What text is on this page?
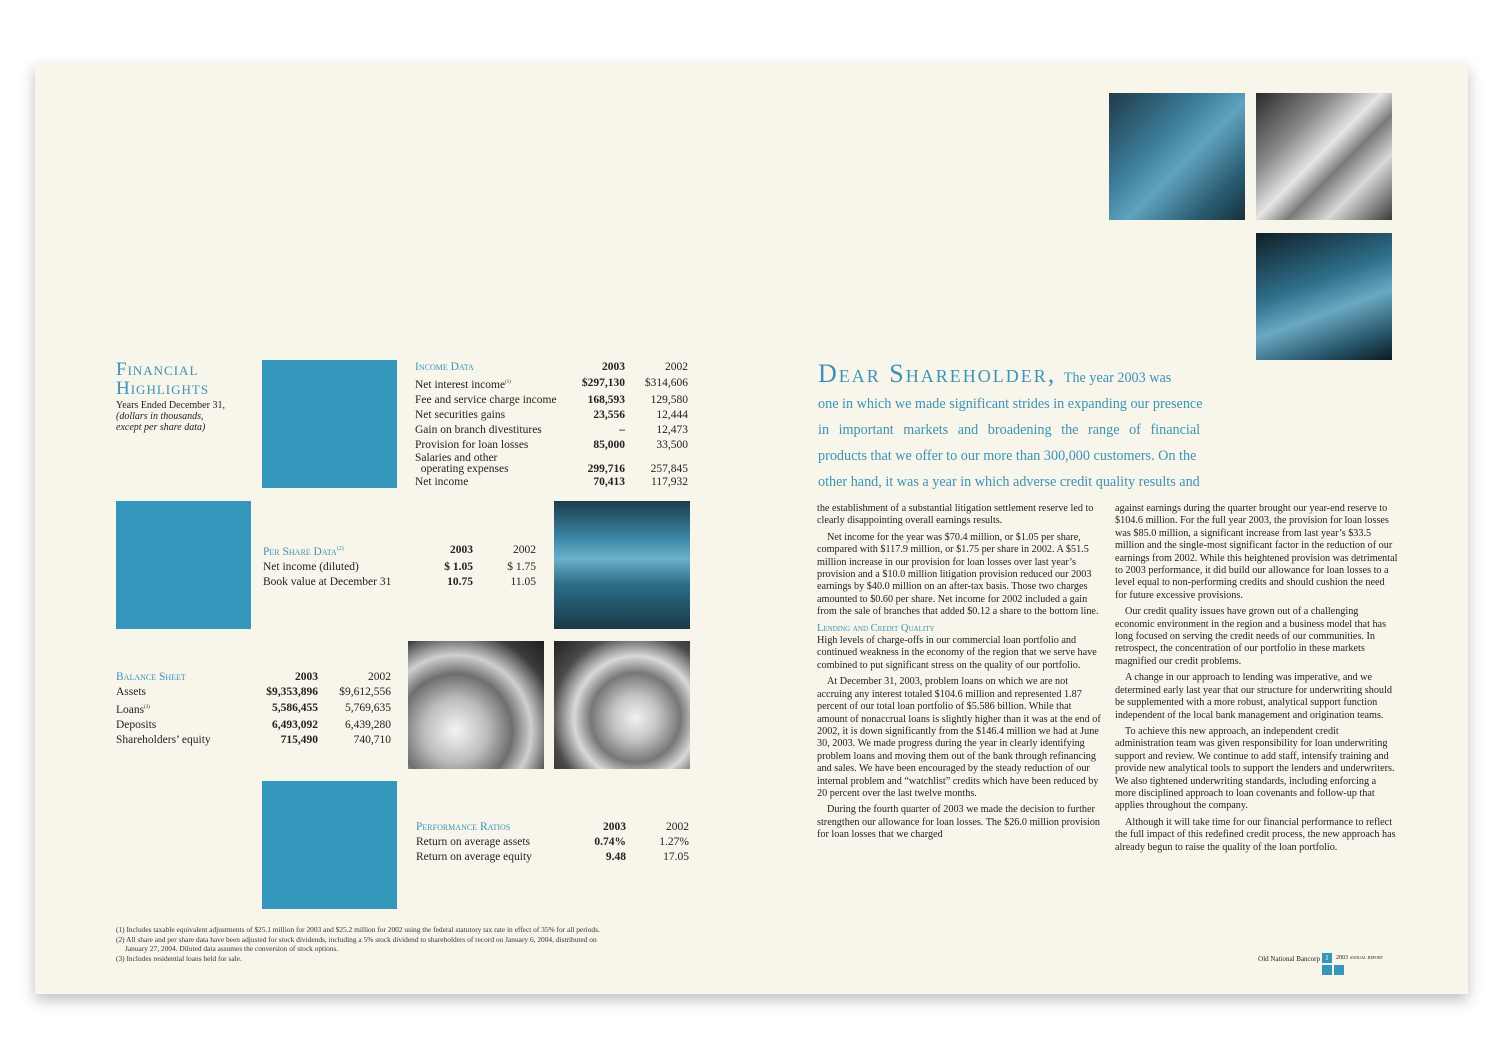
Financial
Highlights
Years Ended December 31,
(dollars in thousands, except per share data)
Income Data	2003	2002
Net interest income$^{(1)}$	$297,130	$314,606
Fee and service charge income	168,593	129,580
Net securities gains	23,556	12,444
Gain on branch divestitures	–	12,473
Provision for loan losses	85,000	33,500
Salaries and other		
operating expenses	299,716	257,845
Net income	70,413	117,932
Per Share Data$^{(2)}$	2003	2002
Net income (diluted)	$ 1.05	$ 1.75
Book value at December 31	10.75	11.05
Balance Sheet	2003	2002
Assets	$9,353,896	$9,612,556
Loans$^{(3)}$	5,586,455	5,769,635
Deposits	6,493,092	6,439,280
Shareholders’ equity	715,490	740,710
Performance Ratios	2003	2002
Return on average assets	0.74%	1.27%
Return on average equity	9.48	17.05
(1) Includes taxable equivalent adjustments of $25.1 million for 2003 and $25.2 million for 2002 using the federal statutory tax rate in effect of 35% for all periods.
(2) All share and per share data have been adjusted for stock dividends, including a 5% stock dividend to shareholders of record on January 6, 2004, distributed on
January 27, 2004. Diluted data assumes the conversion of stock options.
(3) Includes residential loans held for sale.
Dear Shareholder, The year 2003 was
one in which we made significant strides in expanding our presence
in important markets and broadening the range of financial
products that we offer to our more than 300,000 customers. On the
other hand, it was a year in which adverse credit quality results and

the establishment of a substantial litigation settlement reserve led to clearly disappointing overall earnings results.

Net income for the year was $70.4 million, or $1.05 per share, compared with $117.9 million, or $1.75 per share in 2002. A $51.5 million increase in our provision for loan losses over last year’s provision and a $10.0 million litigation provision reduced our 2003 earnings by $40.0 million on an after-tax basis. Those two charges amounted to $0.60 per share. Net income for 2002 included a gain from the sale of branches that added $0.12 a share to the bottom line.

Lending and Credit Quality

High levels of charge-offs in our commercial loan portfolio and continued weakness in the economy of the region that we serve have combined to put significant stress on the quality of our portfolio.

At December 31, 2003, problem loans on which we are not accruing any interest totaled $104.6 million and represented 1.87 percent of our total loan portfolio of $5.586 billion. While that amount of nonaccrual loans is slightly higher than it was at the end of 2002, it is down significantly from the $146.4 million we had at June 30, 2003. We made progress during the year in clearly identifying problem loans and moving them out of the bank through refinancing and sales. We have been encouraged by the steady reduction of our internal problem and “watchlist” credits which have been reduced by 20 percent over the last twelve months.

During the fourth quarter of 2003 we made the decision to further strengthen our allowance for loan losses. The $26.0 million provision for loan losses that we charged

against earnings during the quarter brought our year-end reserve to $104.6 million. For the full year 2003, the provision for loan losses was $85.0 million, a significant increase from last year’s $33.5 million and the single-most significant factor in the reduction of our earnings from 2002. While this heightened provision was detrimental to 2003 performance, it did build our allowance for loan losses to a level equal to non-performing credits and should cushion the need for future excessive provisions.

Our credit quality issues have grown out of a challenging economic environment in the region and a business model that has long focused on serving the credit needs of our communities. In retrospect, the concentration of our portfolio in these markets magnified our credit problems.

A change in our approach to lending was imperative, and we determined early last year that our structure for underwriting should be supplemented with a more robust, analytical support function independent of the local bank management and origination teams.

To achieve this new approach, an independent credit administration team was given responsibility for loan underwriting support and review. We continue to add staff, intensify training and provide new analytical tools to support the lenders and underwriters. We also tightened underwriting standards, including enforcing a more disciplined approach to loan covenants and follow-up that applies throughout the company.

Although it will take time for our financial performance to reflect the full impact of this redefined credit process, the new approach has already begun to raise the quality of the loan portfolio.

Old National Bancorp 1	2003 annual report
